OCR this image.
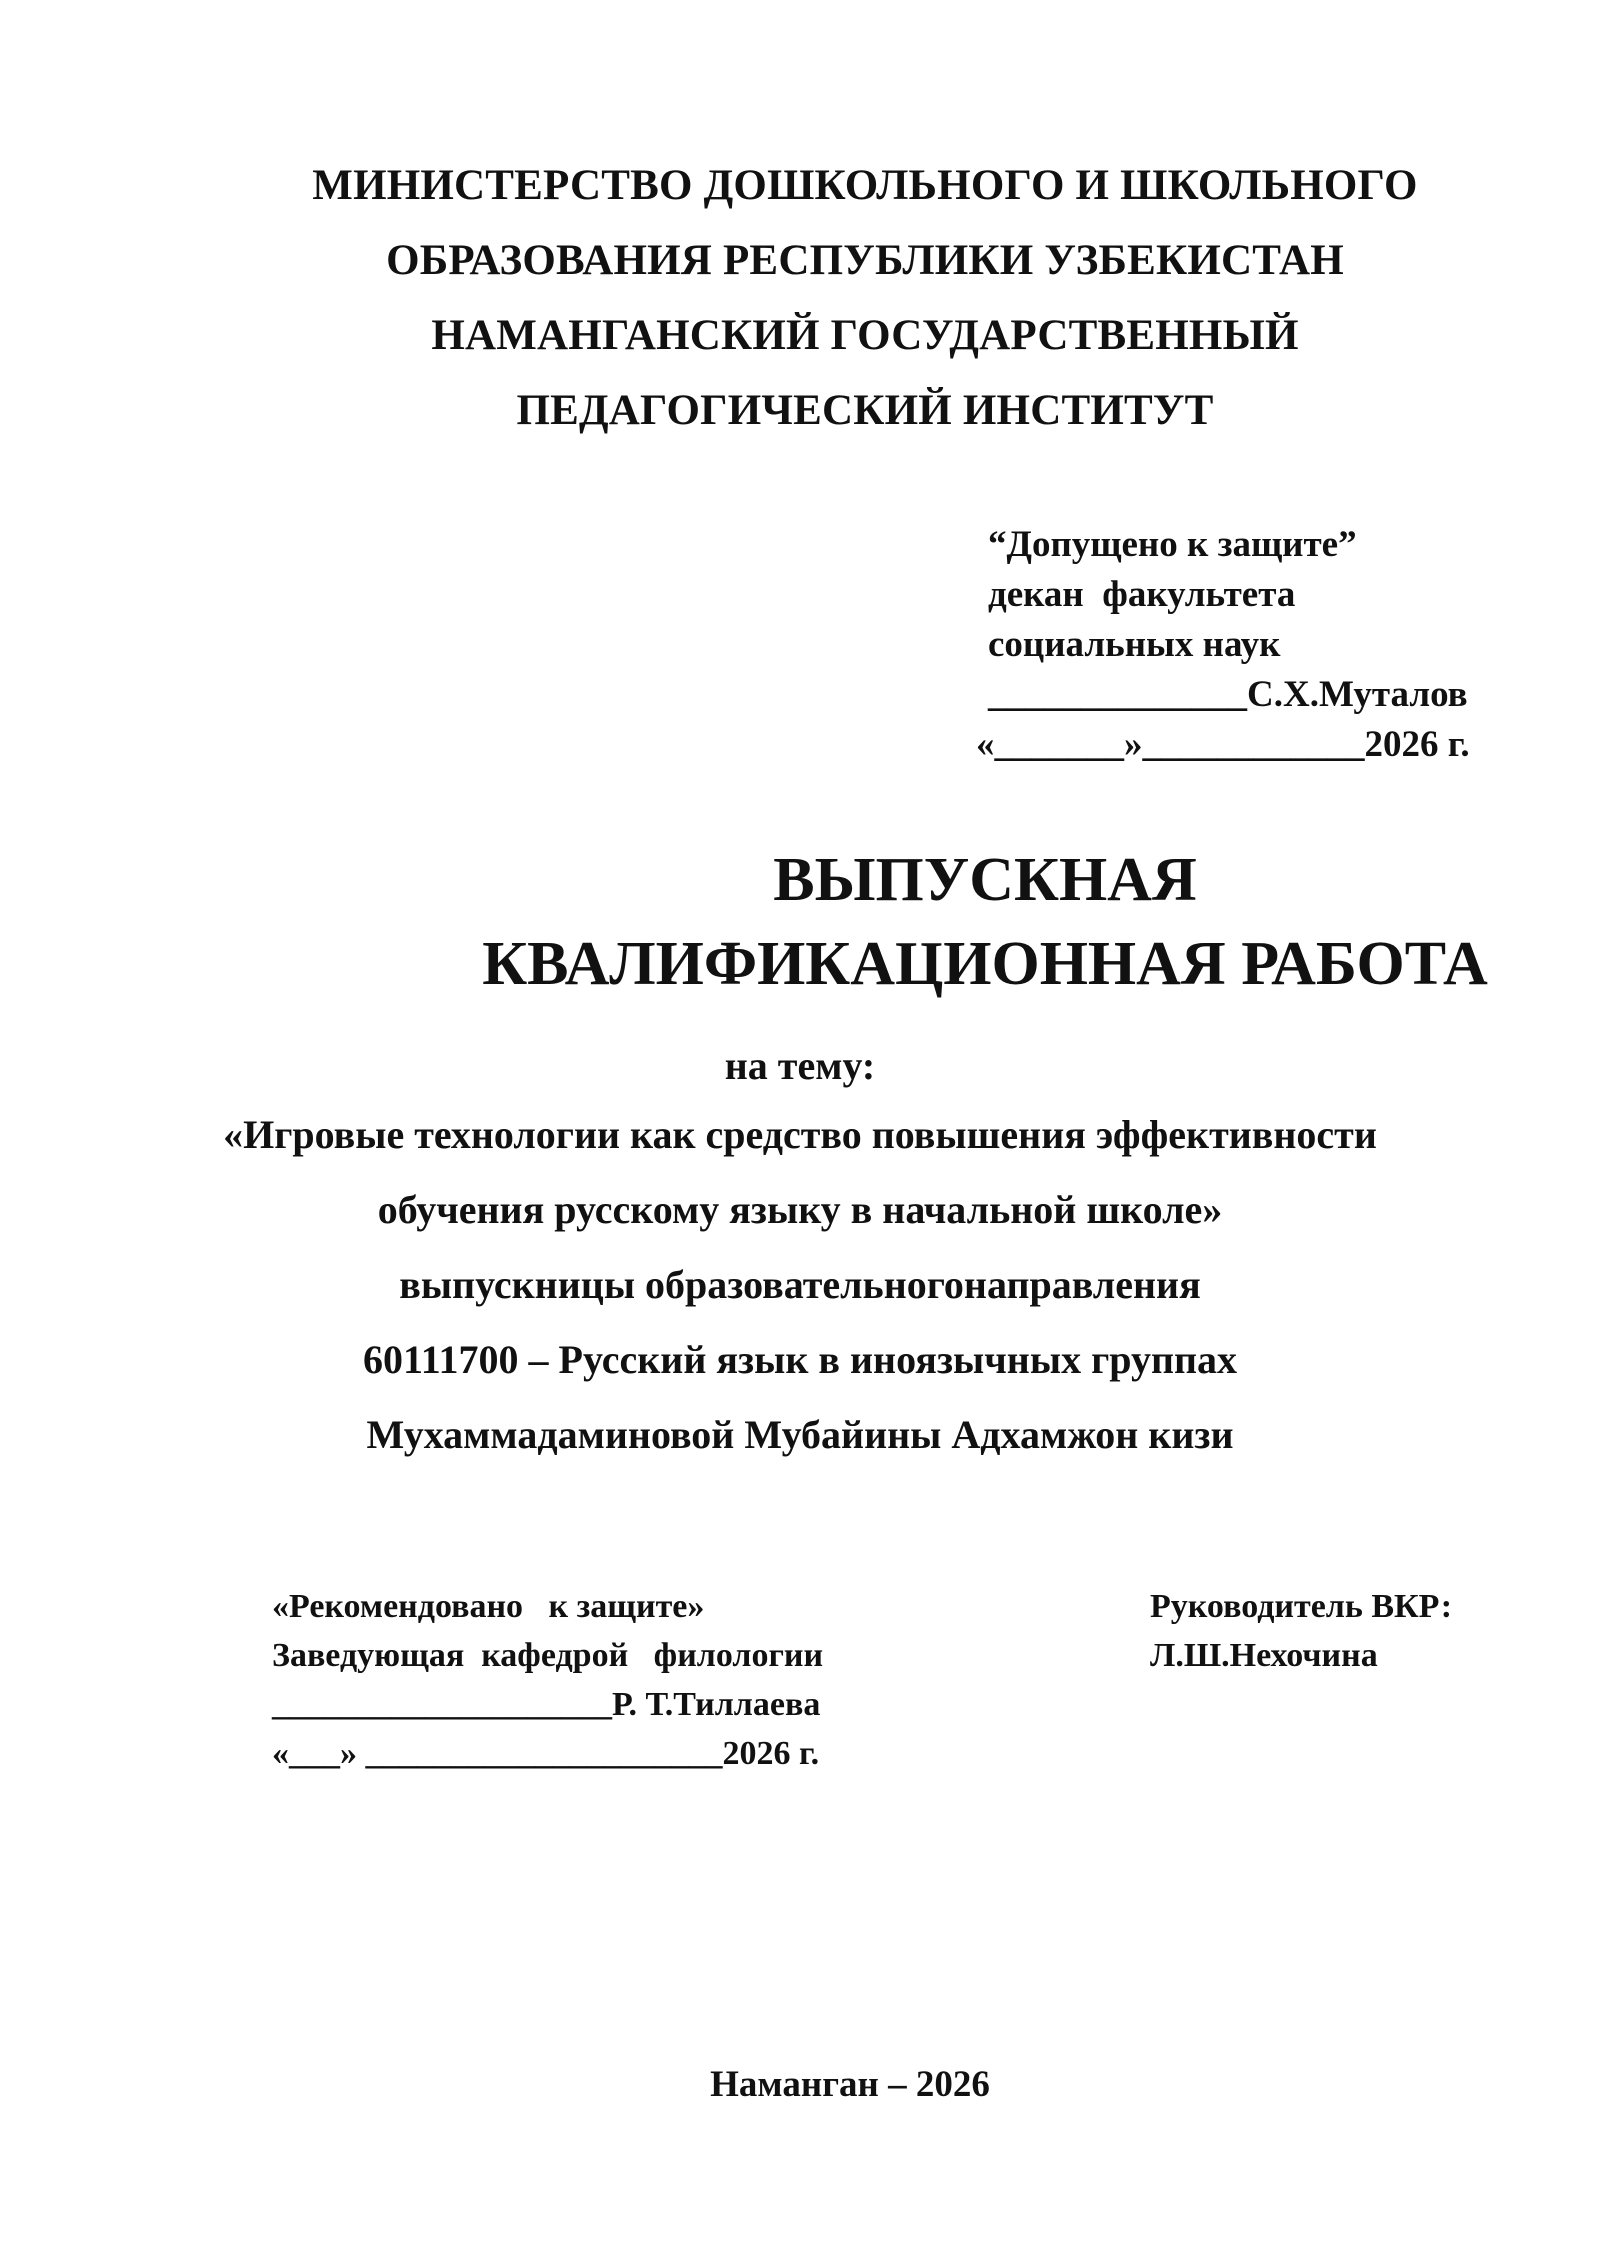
МИНИСТЕРСТВО ДОШКОЛЬНОГО И ШКОЛЬНОГО
ОБРАЗОВАНИЯ РЕСПУБЛИКИ УЗБЕКИСТАН
НАМАНГАНСКИЙ ГОСУДАРСТВЕННЫЙ
ПЕДАГОГИЧЕСКИЙ ИНСТИТУТ
“Допущено к защите”
декан  факультета
социальных наук
______________С.Х.Муталов
«_______»____________2026 г.
ВЫПУСКНАЯ
КВАЛИФИКАЦИОННАЯ РАБОТА
на тему:
«Игровые технологии как средство повышения эффективности
обучения русскому языку в начальной школе»
выпускницы образовательногонаправления
60111700 – Русский язык в иноязычных группах
Мухаммадаминовой Мубайины Адхамжон кизи
«Рекомендовано   к защите»
Заведующая  кафедрой   филологии
____________________Р. Т.Тиллаева
«___» _____________________2026 г.
Руководитель ВКР:
Л.Ш.Нехочина
Наманган – 2026
